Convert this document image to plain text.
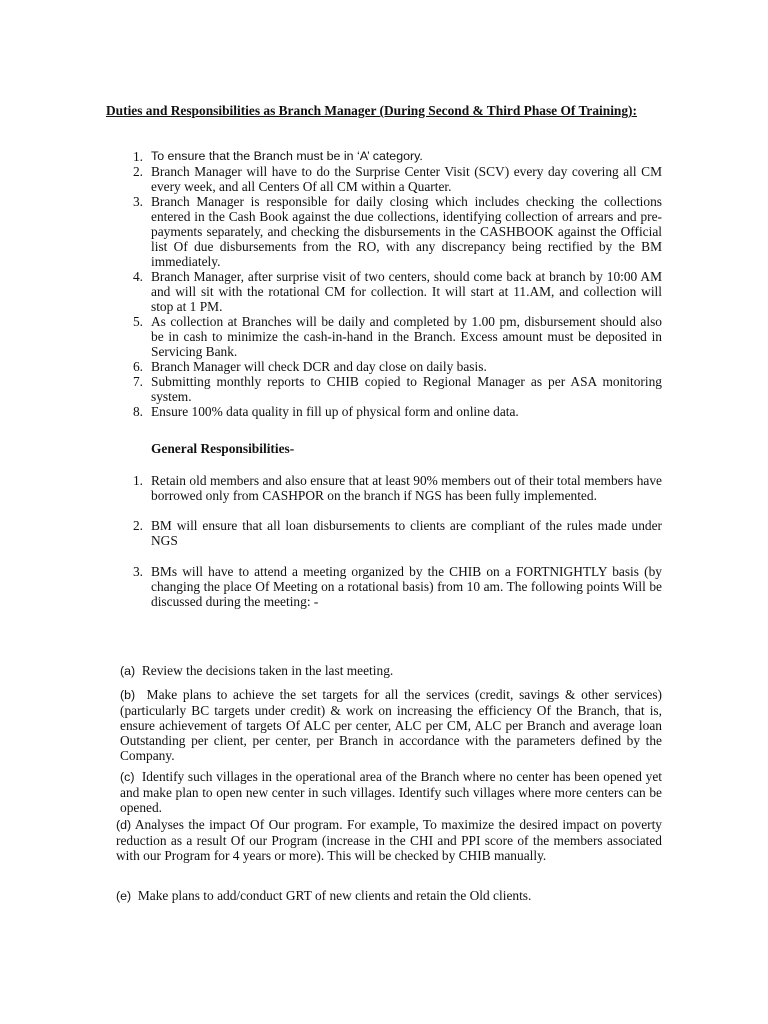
Duties and Responsibilities as Branch Manager (During Second & Third Phase Of Training):
1. To ensure that the Branch must be in ‘A’ category.
2. Branch Manager will have to do the Surprise Center Visit (SCV) every day covering all CM every week, and all Centers Of all CM within a Quarter.
3. Branch Manager is responsible for daily closing which includes checking the collections entered in the Cash Book against the due collections, identifying collection of arrears and pre-payments separately, and checking the disbursements in the CASHBOOK against the Official list Of due disbursements from the RO, with any discrepancy being rectified by the BM immediately.
4. Branch Manager, after surprise visit of two centers, should come back at branch by 10:00 AM and will sit with the rotational CM for collection. It will start at 11.AM, and collection will stop at 1 PM.
5. As collection at Branches will be daily and completed by 1.00 pm, disbursement should also be in cash to minimize the cash-in-hand in the Branch. Excess amount must be deposited in Servicing Bank.
6. Branch Manager will check DCR and day close on daily basis.
7. Submitting monthly reports to CHIB copied to Regional Manager as per ASA monitoring system.
8. Ensure 100% data quality in fill up of physical form and online data.
General Responsibilities-
1. Retain old members and also ensure that at least 90% members out of their total members have borrowed only from CASHPOR on the branch if NGS has been fully implemented.
2. BM will ensure that all loan disbursements to clients are compliant of the rules made under NGS
3. BMs will have to attend a meeting organized by the CHIB on a FORTNIGHTLY basis (by changing the place Of Meeting on a rotational basis) from 10 am. The following points Will be discussed during the meeting: -
(a) Review the decisions taken in the last meeting.
(b) Make plans to achieve the set targets for all the services (credit, savings & other services) (particularly BC targets under credit) & work on increasing the efficiency Of the Branch, that is, ensure achievement of targets Of ALC per center, ALC per CM, ALC per Branch and average loan Outstanding per client, per center, per Branch in accordance with the parameters defined by the Company.
(c) Identify such villages in the operational area of the Branch where no center has been opened yet and make plan to open new center in such villages. Identify such villages where more centers can be opened.
(d) Analyses the impact Of Our program. For example, To maximize the desired impact on poverty reduction as a result Of our Program (increase in the CHI and PPI score of the members associated with our Program for 4 years or more). This will be checked by CHIB manually.
(e) Make plans to add/conduct GRT of new clients and retain the Old clients.
